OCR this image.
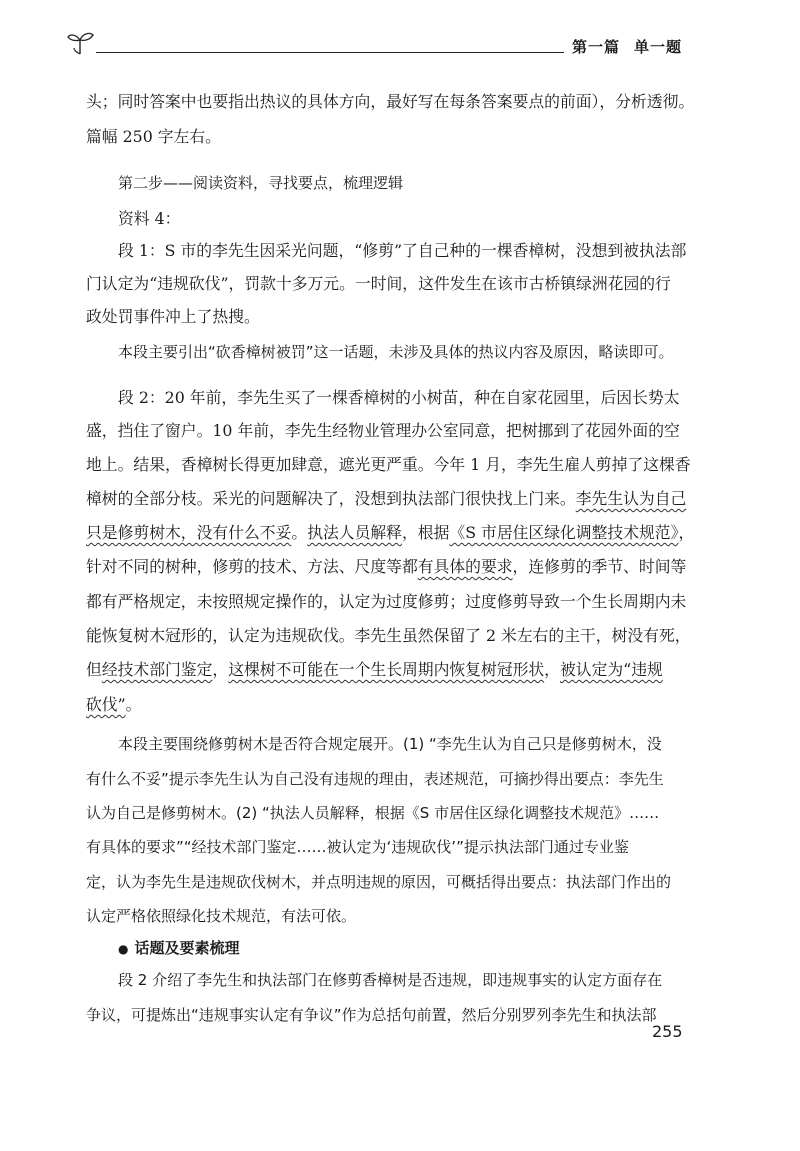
第一篇 单一题
头；同时答案中也要指出热议的具体方向，最好写在每条答案要点的前面），分析透彻。
篇幅 250 字左右。
第二步——阅读资料，寻找要点，梳理逻辑
资料 4：
段 1：S 市的李先生因采光问题，“修剪”了自己种的一棵香樟树，没想到被执法部
门认定为“违规砍伐”，罚款十多万元。一时间，这件发生在该市古桥镇绿洲花园的行
政处罚事件冲上了热搜。
本段主要引出“砍香樟树被罚”这一话题，未涉及具体的热议内容及原因，略读即可。
段 2：20 年前，李先生买了一棵香樟树的小树苗，种在自家花园里，后因长势太
盛，挡住了窗户。10 年前，李先生经物业管理办公室同意，把树挪到了花园外面的空
地上。结果，香樟树长得更加肆意，遮光更严重。今年 1 月，李先生雇人剪掉了这棵香
樟树的全部分枝。采光的问题解决了，没想到执法部门很快找上门来。李先生认为自己
只是修剪树木，没有什么不妥。执法人员解释，根据《S 市居住区绿化调整技术规范》，
针对不同的树种，修剪的技术、方法、尺度等都有具体的要求，连修剪的季节、时间等
都有严格规定，未按照规定操作的，认定为过度修剪；过度修剪导致一个生长周期内未
能恢复树木冠形的，认定为违规砍伐。李先生虽然保留了 2 米左右的主干，树没有死，
但经技术部门鉴定，这棵树不可能在一个生长周期内恢复树冠形状，被认定为“违规
砍伐”。
本段主要围绕修剪树木是否符合规定展开。(1) “李先生认为自己只是修剪树木，没
有什么不妥”提示李先生认为自己没有违规的理由，表述规范，可摘抄得出要点：李先生
认为自己是修剪树木。(2) “执法人员解释，根据《S 市居住区绿化调整技术规范》……
有具体的要求”“经技术部门鉴定……被认定为‘违规砍伐’”提示执法部门通过专业鉴
定，认为李先生是违规砍伐树木，并点明违规的原因，可概括得出要点：执法部门作出的
认定严格依照绿化技术规范，有法可依。
● 话题及要素梳理
段 2 介绍了李先生和执法部门在修剪香樟树是否违规，即违规事实的认定方面存在
争议，可提炼出“违规事实认定有争议”作为总括句前置，然后分别罗列李先生和执法部
255
